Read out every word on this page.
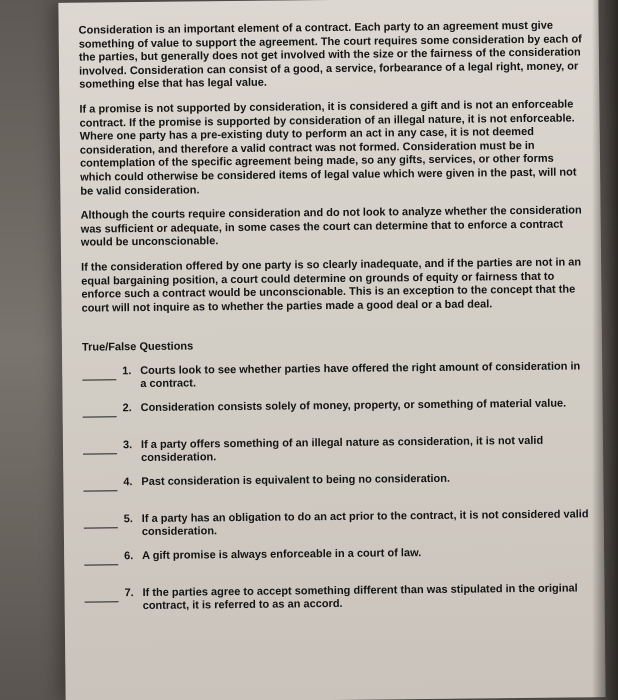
Consideration is an important element of a contract. Each party to an agreement must give something of value to support the agreement. The court requires some consideration by each of the parties, but generally does not get involved with the size or the fairness of the consideration involved. Consideration can consist of a good, a service, forbearance of a legal right, money, or something else that has legal value.

If a promise is not supported by consideration, it is considered a gift and is not an enforceable contract. If the promise is supported by consideration of an illegal nature, it is not enforceable. Where one party has a pre-existing duty to perform an act in any case, it is not deemed consideration, and therefore a valid contract was not formed. Consideration must be in contemplation of the specific agreement being made, so any gifts, services, or other forms which could otherwise be considered items of legal value which were given in the past, will not be valid consideration.

Although the courts require consideration and do not look to analyze whether the consideration was sufficient or adequate, in some cases the court can determine that to enforce a contract would be unconscionable.

If the consideration offered by one party is so clearly inadequate, and if the parties are not in an equal bargaining position, a court could determine on grounds of equity or fairness that to enforce such a contract would be unconscionable. This is an exception to the concept that the court will not inquire as to whether the parties made a good deal or a bad deal.

True/False Questions
1. Courts look to see whether parties have offered the right amount of consideration in a contract.
2. Consideration consists solely of money, property, or something of material value.
3. If a party offers something of an illegal nature as consideration, it is not valid consideration.
4. Past consideration is equivalent to being no consideration.
5. If a party has an obligation to do an act prior to the contract, it is not considered valid consideration.
6. A gift promise is always enforceable in a court of law.
7. If the parties agree to accept something different than was stipulated in the original contract, it is referred to as an accord.
